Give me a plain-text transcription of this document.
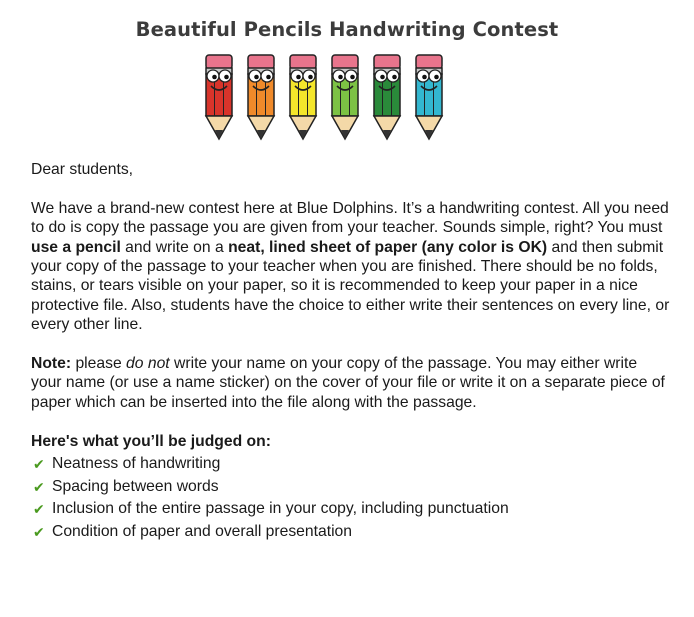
Beautiful Pencils Handwriting Contest

Dear students,

We have a brand-new contest here at Blue Dolphins. It’s a handwriting contest. All you need to do is copy the passage you are given from your teacher. Sounds simple, right? You must use a pencil and write on a neat, lined sheet of paper (any color is OK) and then submit your copy of the passage to your teacher when you are finished. There should be no folds, stains, or tears visible on your paper, so it is recommended to keep your paper in a nice protective file. Also, students have the choice to either write their sentences on every line, or every other line.

Note: please do not write your name on your copy of the passage. You may either write your name (or use a name sticker) on the cover of your file or write it on a separate piece of paper which can be inserted into the file along with the passage.

Here's what you’ll be judged on:

✔ Neatness of handwriting
✔ Spacing between words
✔ Inclusion of the entire passage in your copy, including punctuation
✔ Condition of paper and overall presentation
